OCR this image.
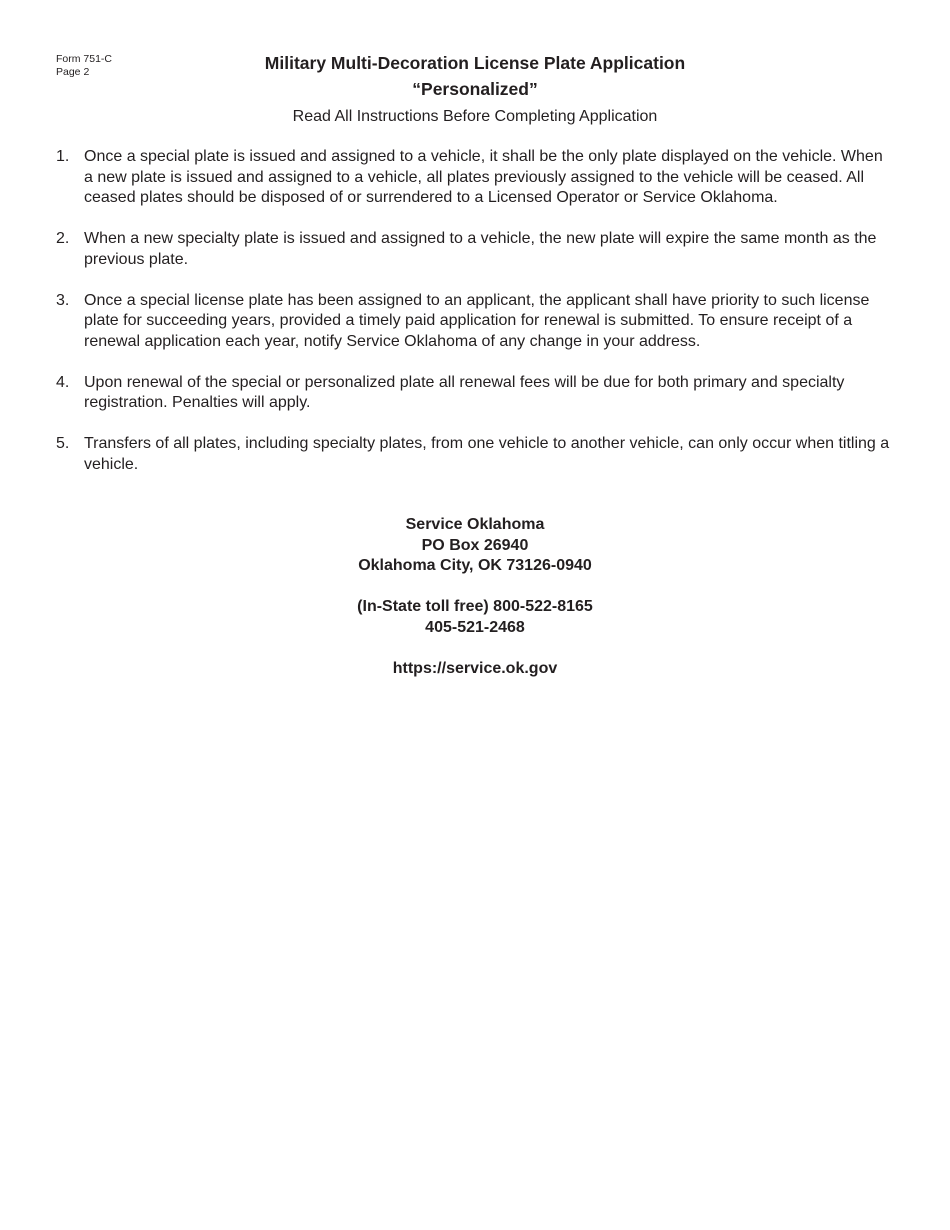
Form 751-C
Page 2	Military Multi-Decoration License Plate Application

“Personalized”

Read All Instructions Before Completing Application

1. Once a special plate is issued and assigned to a vehicle, it shall be the only plate displayed on the vehicle. When a new plate is issued and assigned to a vehicle, all plates previously assigned to the vehicle will be ceased. All ceased plates should be disposed of or surrendered to a Licensed Operator or Service Oklahoma.
2. When a new specialty plate is issued and assigned to a vehicle, the new plate will expire the same month as the previous plate.
3. Once a special license plate has been assigned to an applicant, the applicant shall have priority to such license plate for succeeding years, provided a timely paid application for renewal is submitted. To ensure receipt of a renewal application each year, notify Service Oklahoma of any change in your address.
4. Upon renewal of the special or personalized plate all renewal fees will be due for both primary and specialty registration. Penalties will apply.
5. Transfers of all plates, including specialty plates, from one vehicle to another vehicle, can only occur when titling a vehicle.
Service Oklahoma
PO Box 26940
Oklahoma City, OK 73126-0940
(In-State toll free) 800-522-8165
405-521-2468
https://service.ok.gov
